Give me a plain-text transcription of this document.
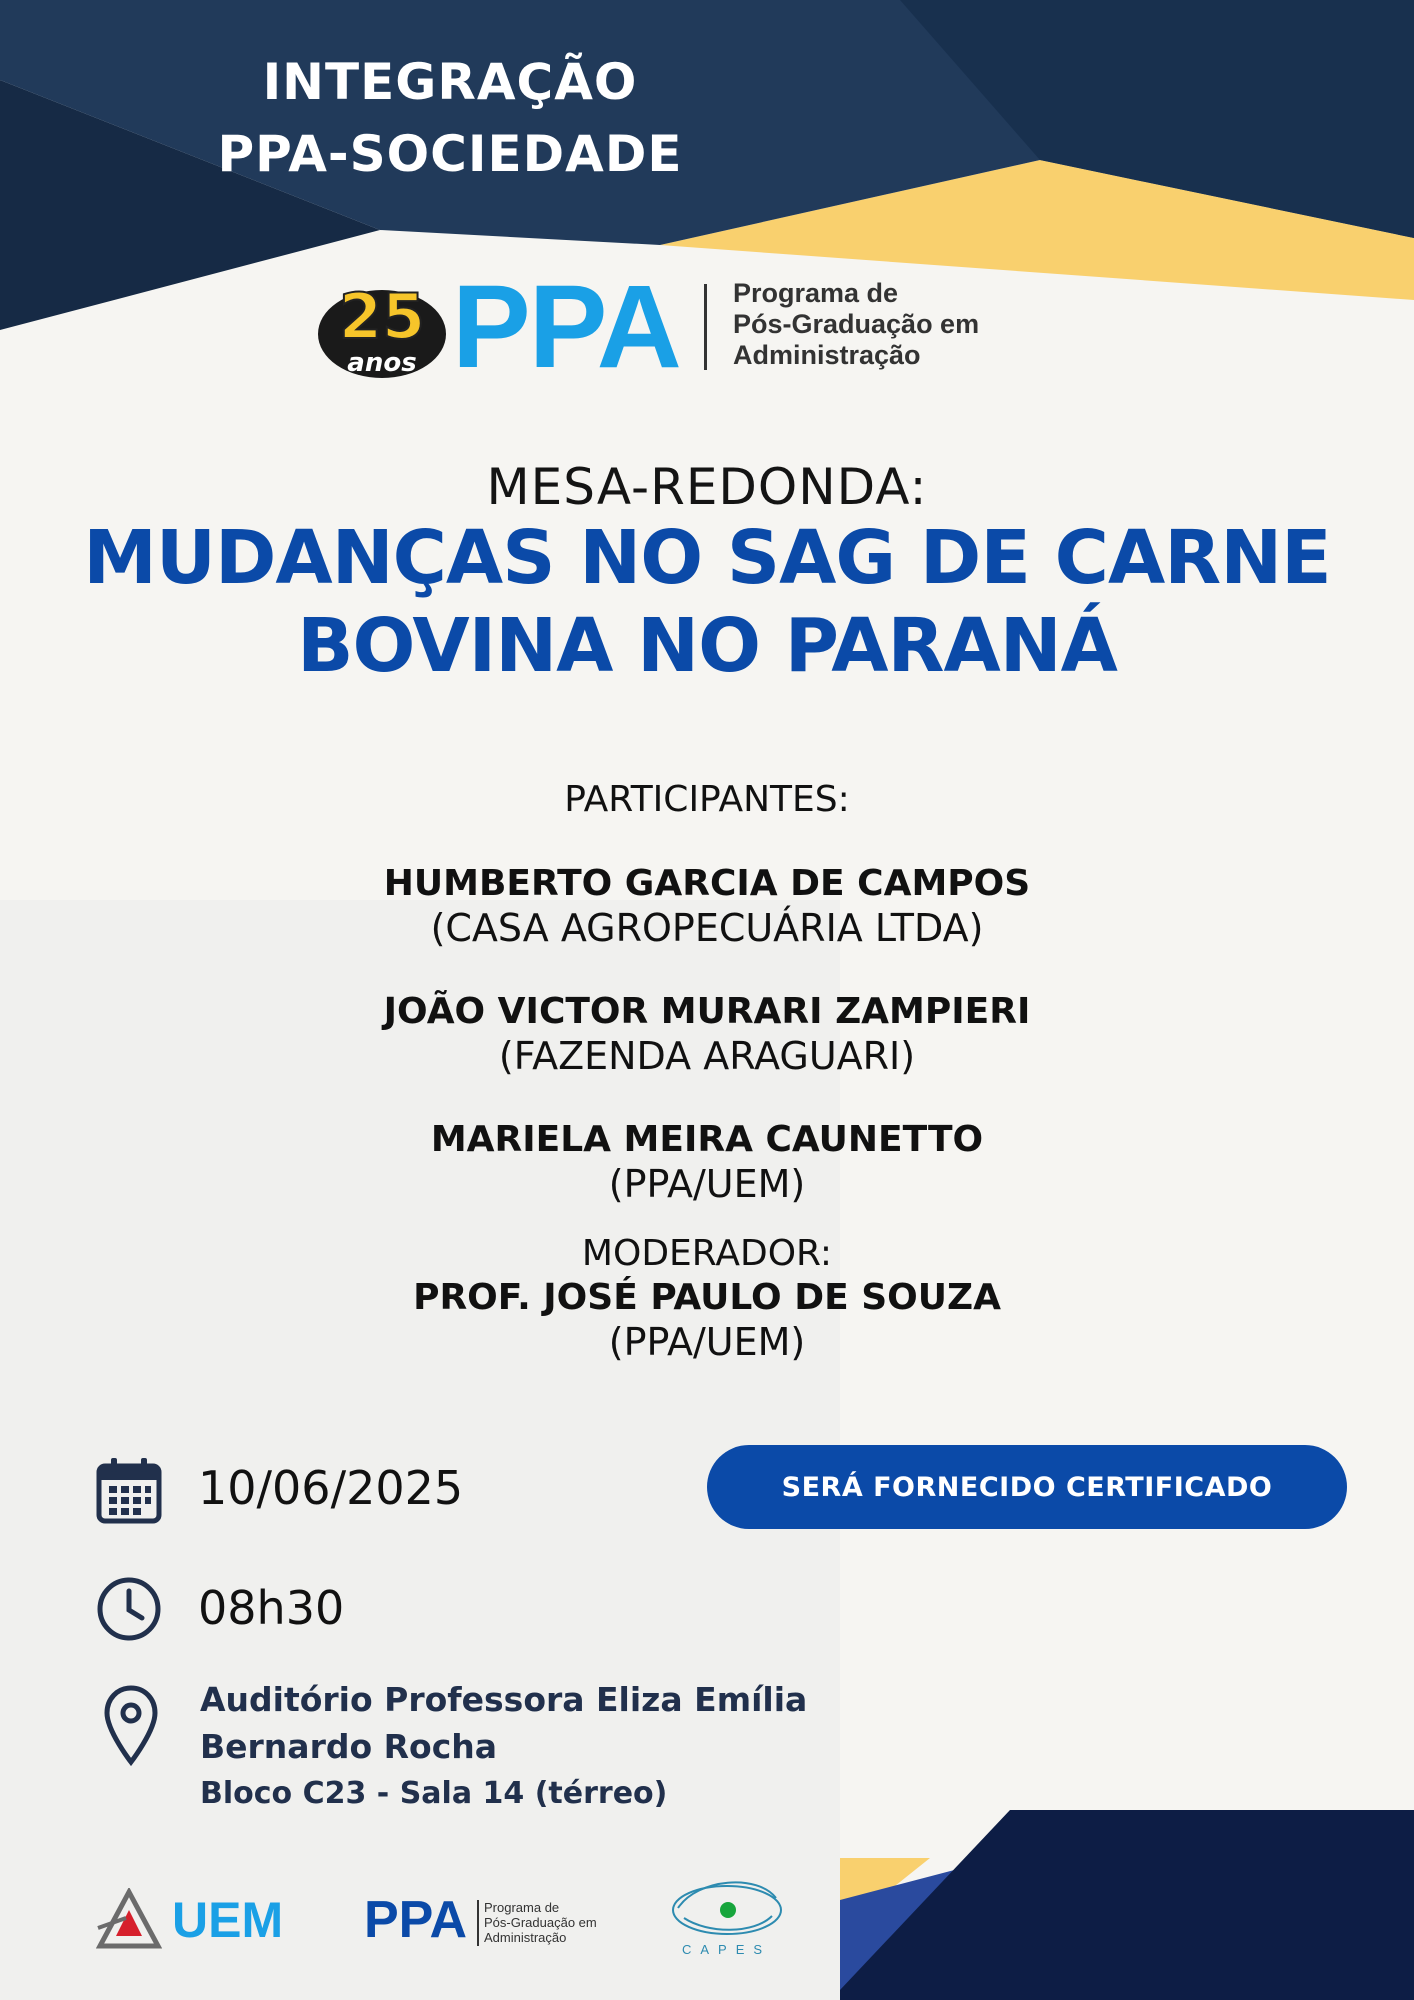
INTEGRAÇÃO
PPA-SOCIEDADE
25
anos PPA Programa de
Pós-Graduação em
Administração
MESA-REDONDA:
MUDANÇAS NO SAG DE CARNE
BOVINA NO PARANÁ
PARTICIPANTES:
HUMBERTO GARCIA DE CAMPOS
(CASA AGROPECUÁRIA LTDA)
JOÃO VICTOR MURARI ZAMPIERI
(FAZENDA ARAGUARI)
MARIELA MEIRA CAUNETTO
(PPA/UEM)
MODERADOR:
PROF. JOSÉ PAULO DE SOUZA
(PPA/UEM)
10/06/2025	SERÁ FORNECIDO CERTIFICADO
08h30
Auditório Professora Eliza Emília
Bernardo Rocha
Bloco C23 - Sala 14 (térreo)
UEM PPA Programa de
Pós-Graduação em
Administração
CAPES
